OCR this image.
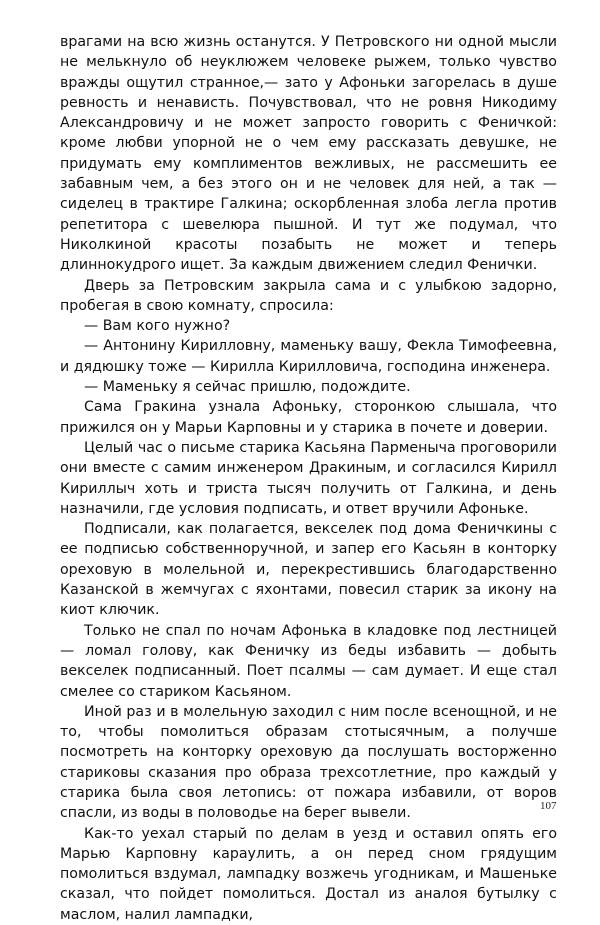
врагами на всю жизнь останутся. У Петровского ни одной мысли не мелькнуло об неуклюжем человеке рыжем, только чувство вражды ощутил странное,— зато у Афоньки загорелась в душе ревность и ненависть. Почувствовал, что не ровня Никодиму Александровичу и не может запросто говорить с Феничкой: кроме любви упорной не о чем ему рассказать девушке, не придумать ему комплиментов вежливых, не рассмешить ее забавным чем, а без этого он и не человек для ней, а так — сиделец в трактире Галкина; оскорбленная злоба легла против репетитора с шевелюра пышной. И тут же подумал, что Николкиной красоты позабыть не может и теперь длиннокудрого ищет. За каждым движением следил Фенички.

Дверь за Петровским закрыла сама и с улыбкою задорно, пробегая в свою комнату, спросила:

— Вам кого нужно?

— Антонину Кирилловну, маменьку вашу, Фекла Тимофеевна, и дядюшку тоже — Кирилла Кирилловича, господина инженера.

— Маменьку я сейчас пришлю, подождите.

Сама Гракина узнала Афоньку, сторонкою слышала, что прижился он у Марьи Карповны и у старика в почете и доверии.

Целый час о письме старика Касьяна Парменыча проговорили они вместе с самим инженером Дракиным, и согласился Кирилл Кириллыч хоть и триста тысяч получить от Галкина, и день назначили, где условия подписать, и ответ вручили Афоньке.

Подписали, как полагается, векселек под дома Феничкины с ее подписью собственноручной, и запер его Касьян в конторку ореховую в молельной и, перекрестившись благодарственно Казанской в жемчугах с яхонтами, повесил старик за икону на киот ключик.

Только не спал по ночам Афонька в кладовке под лестницей — ломал голову, как Феничку из беды избавить — добыть векселек подписанный. Поет псалмы — сам думает. И еще стал смелее со стариком Касьяном.

Иной раз и в молельную заходил с ним после всенощной, и не то, чтобы помолиться образам стотысячным, а получше посмотреть на конторку ореховую да послушать восторженно стариковы сказания про образа трехсотлетние, про каждый у старика была своя летопись: от пожара избавили, от воров спасли, из воды в половодье на берег вывели.

Как-то уехал старый по делам в уезд и оставил опять его Марью Карповну караулить, а он перед сном грядущим помолиться вздумал, лампадку возжечь угодникам, и Машеньке сказал, что пойдет помолиться. Достал из аналоя бутылку с маслом, налил лампадки,

107
